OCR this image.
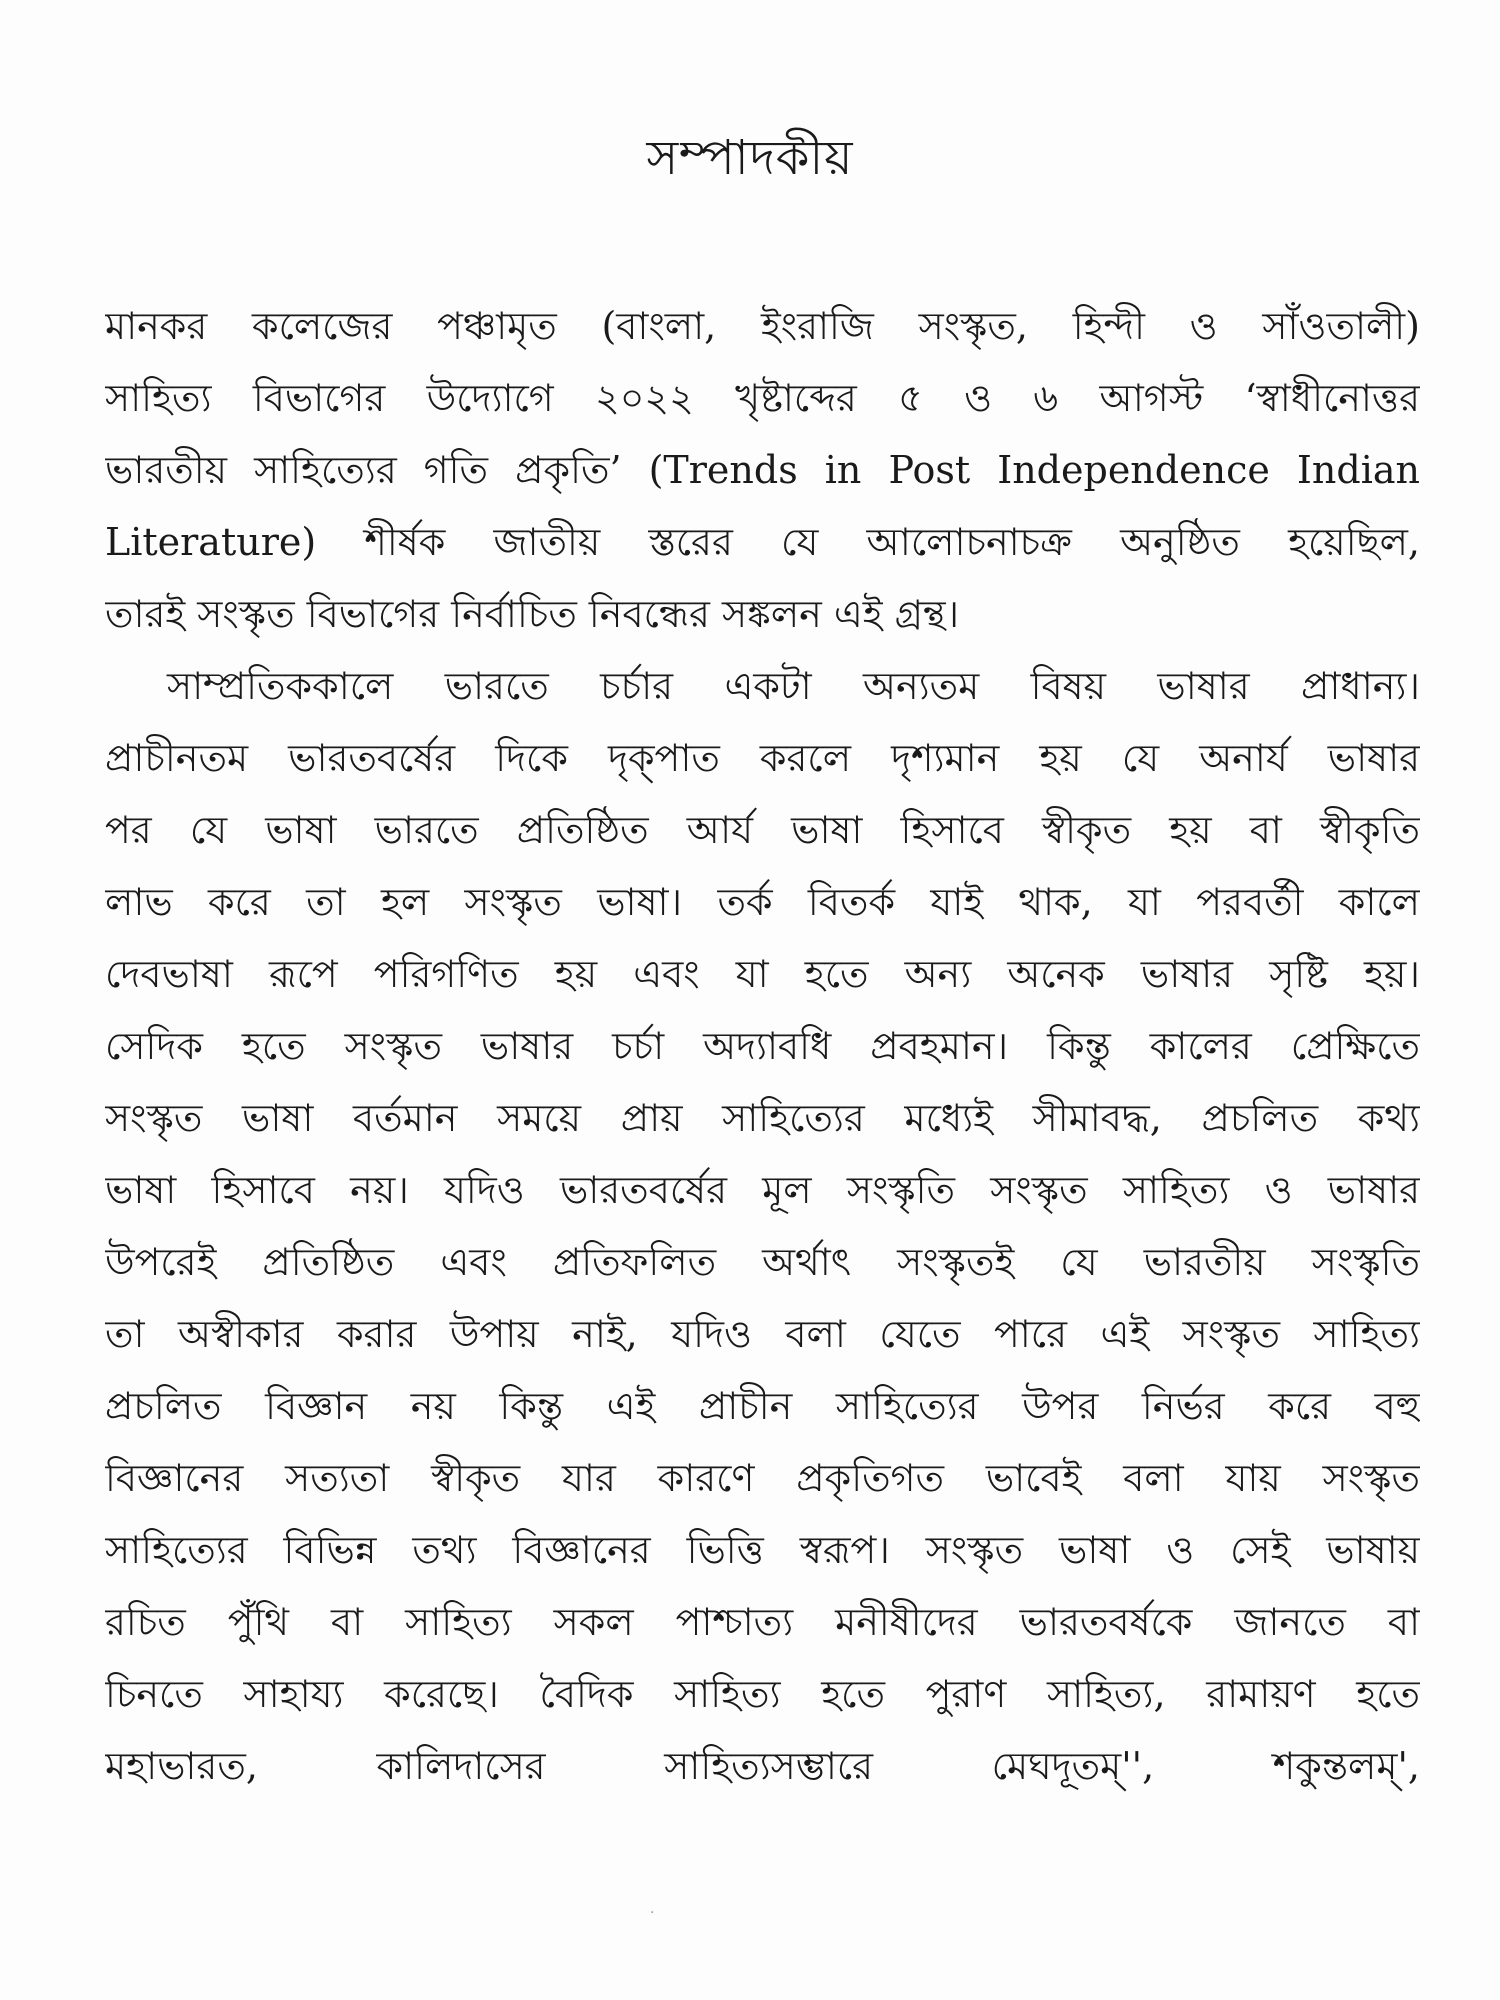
সম্পাদকীয়
মানকর কলেজের পঞ্চামৃত (বাংলা, ইংরাজি সংস্কৃত, হিন্দী ও সাঁওতালী)
সাহিত্য বিভাগের উদ্যোগে ২০২২ খৃষ্টাব্দের ৫ ও ৬ আগস্ট ‘স্বাধীনোত্তর
ভারতীয় সাহিত্যের গতি প্রকৃতি’ (Trends in Post Independence Indian
Literature) শীর্ষক জাতীয় স্তরের যে আলোচনাচক্র অনুষ্ঠিত হয়েছিল,
তারই সংস্কৃত বিভাগের নির্বাচিত নিবন্ধের সঙ্কলন এই গ্রন্থ।
সাম্প্রতিককালে ভারতে চর্চার একটা অন্যতম বিষয় ভাষার প্রাধান্য।
প্রাচীনতম ভারতবর্ষের দিকে দৃক্‌পাত করলে দৃশ্যমান হয় যে অনার্য ভাষার
পর যে ভাষা ভারতে প্রতিষ্ঠিত আর্য ভাষা হিসাবে স্বীকৃত হয় বা স্বীকৃতি
লাভ করে তা হল সংস্কৃত ভাষা। তর্ক বিতর্ক যাই থাক, যা পরবর্তী কালে
দেবভাষা রূপে পরিগণিত হয় এবং যা হতে অন্য অনেক ভাষার সৃষ্টি হয়।
সেদিক হতে সংস্কৃত ভাষার চর্চা অদ্যাবধি প্রবহমান। কিন্তু কালের প্রেক্ষিতে
সংস্কৃত ভাষা বর্তমান সময়ে প্রায় সাহিত্যের মধ্যেই সীমাবদ্ধ, প্রচলিত কথ্য
ভাষা হিসাবে নয়। যদিও ভারতবর্ষের মূল সংস্কৃতি সংস্কৃত সাহিত্য ও ভাষার
উপরেই প্রতিষ্ঠিত এবং প্রতিফলিত অর্থাৎ সংস্কৃতই যে ভারতীয় সংস্কৃতি
তা অস্বীকার করার উপায় নাই, যদিও বলা যেতে পারে এই সংস্কৃত সাহিত্য
প্রচলিত বিজ্ঞান নয় কিন্তু এই প্রাচীন সাহিত্যের উপর নির্ভর করে বহু
বিজ্ঞানের সত্যতা স্বীকৃত যার কারণে প্রকৃতিগত ভাবেই বলা যায় সংস্কৃত
সাহিত্যের বিভিন্ন তথ্য বিজ্ঞানের ভিত্তি স্বরূপ। সংস্কৃত ভাষা ও সেই ভাষায়
রচিত পুঁথি বা সাহিত্য সকল পাশ্চাত্য মনীষীদের ভারতবর্ষকে জানতে বা
চিনতে সাহায্য করেছে। বৈদিক সাহিত্য হতে পুরাণ সাহিত্য, রামায়ণ হতে
মহাভারত, কালিদাসের সাহিত্যসম্ভারে মেঘদূতম্'', শকুন্তলম্',
·
